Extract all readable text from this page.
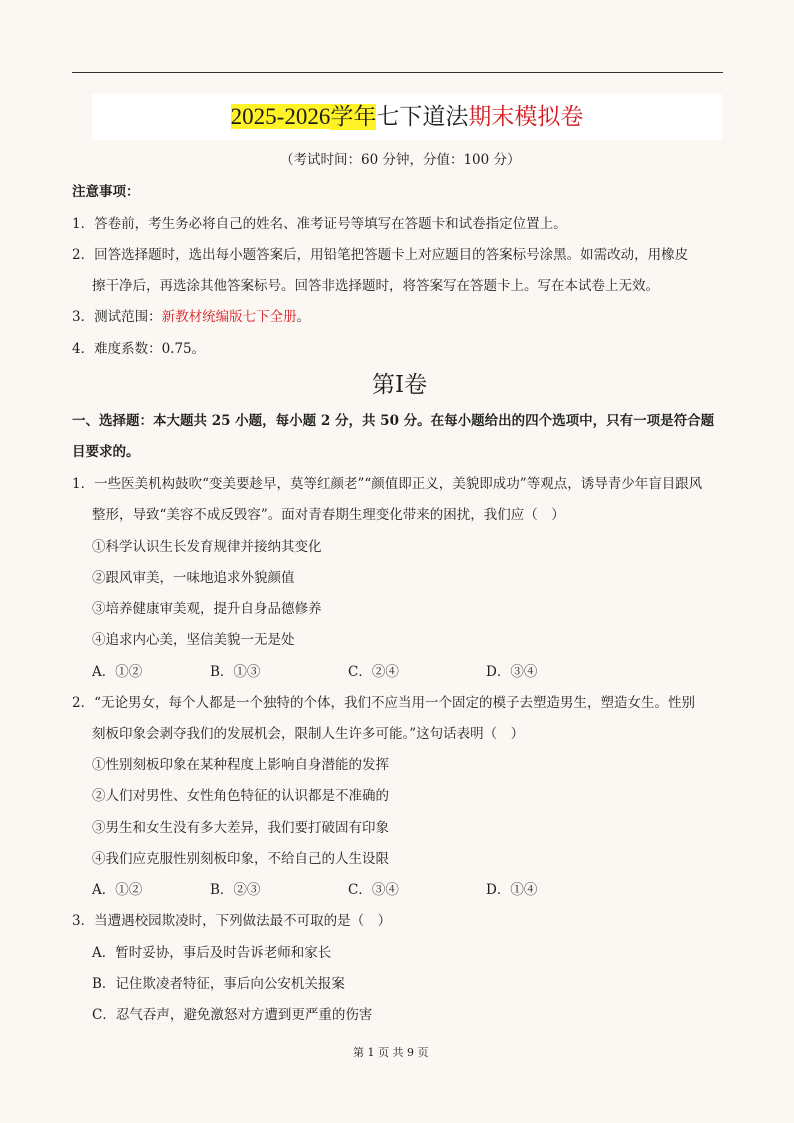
2025-2026学年七下道法期末模拟卷
（考试时间：60 分钟，分值：100 分）
注意事项：
1．答卷前，考生务必将自己的姓名、准考证号等填写在答题卡和试卷指定位置上。
2．回答选择题时，选出每小题答案后，用铅笔把答题卡上对应题目的答案标号涂黑。如需改动，用橡皮
擦干净后，再选涂其他答案标号。回答非选择题时，将答案写在答题卡上。写在本试卷上无效。
3．测试范围：新教材统编版七下全册。
4．难度系数：0.75。
第I卷
一、选择题：本大题共 25 小题，每小题 2 分，共 50 分。在每小题给出的四个选项中，只有一项是符合题
目要求的。
1．一些医美机构鼓吹“变美要趁早，莫等红颜老”“颜值即正义，美貌即成功”等观点，诱导青少年盲目跟风
整形，导致“美容不成反毁容”。面对青春期生理变化带来的困扰，我们应（　）
①科学认识生长发育规律并接纳其变化
②跟风审美，一味地追求外貌颜值
③培养健康审美观，提升自身品德修养
④追求内心美，坚信美貌一无是处
A．①②	B．①③	C．②④	D．③④
2．“无论男女，每个人都是一个独特的个体，我们不应当用一个固定的模子去塑造男生，塑造女生。性别
刻板印象会剥夺我们的发展机会，限制人生许多可能。”这句话表明（　）
①性别刻板印象在某种程度上影响自身潜能的发挥
②人们对男性、女性角色特征的认识都是不准确的
③男生和女生没有多大差异，我们要打破固有印象
④我们应克服性别刻板印象，不给自己的人生设限
A．①②	B．②③	C．③④	D．①④
3．当遭遇校园欺凌时，下列做法最不可取的是（　）
A．暂时妥协，事后及时告诉老师和家长
B．记住欺凌者特征，事后向公安机关报案
C．忍气吞声，避免激怒对方遭到更严重的伤害
第 1 页 共 9 页
